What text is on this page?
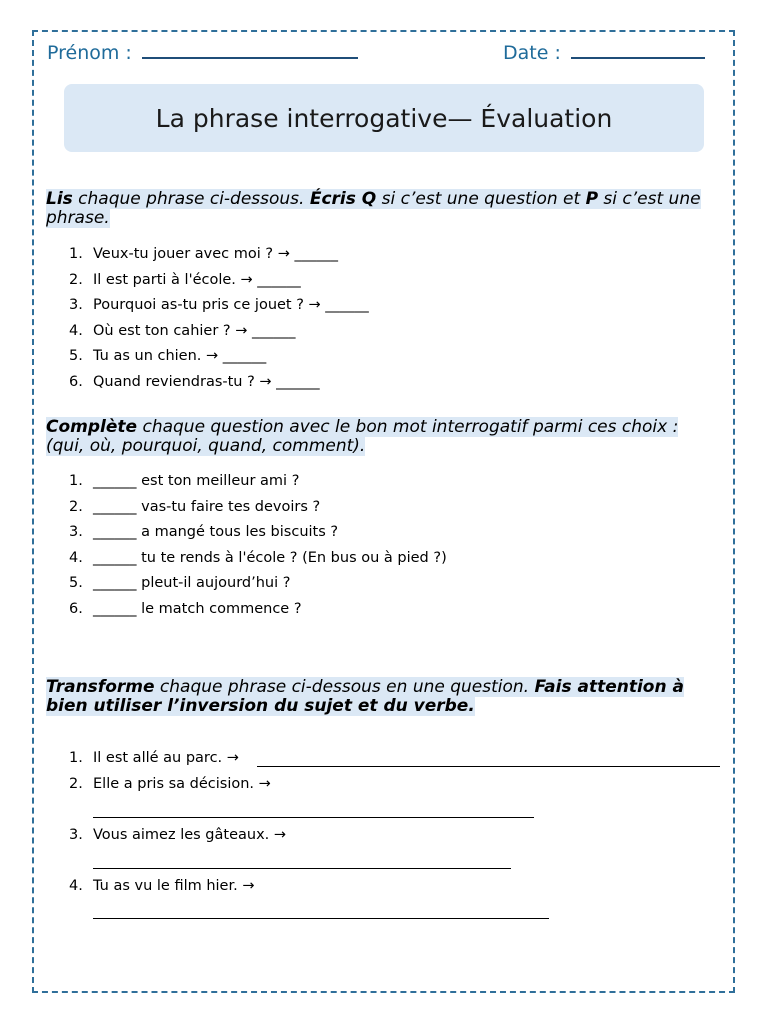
Prénom :	Date :
La phrase interrogative— Évaluation
Lis chaque phrase ci-dessous. Écris Q si c’est une question et P si c’est une phrase.
1. Veux-tu jouer avec moi ? → ______
2. Il est parti à l'école. → ______
3. Pourquoi as-tu pris ce jouet ? → ______
4. Où est ton cahier ? → ______
5. Tu as un chien. → ______
6. Quand reviendras-tu ? → ______
Complète chaque question avec le bon mot interrogatif parmi ces choix : (qui, où, pourquoi, quand, comment).
1. ______ est ton meilleur ami ?
2. ______ vas-tu faire tes devoirs ?
3. ______ a mangé tous les biscuits ?
4. ______ tu te rends à l'école ? (En bus ou à pied ?)
5. ______ pleut-il aujourd’hui ?
6. ______ le match commence ?
Transforme chaque phrase ci-dessous en une question. Fais attention à bien utiliser l’inversion du sujet et du verbe.
1. Il est allé au parc. →
2. Elle a pris sa décision. →
3. Vous aimez les gâteaux. →
4. Tu as vu le film hier. →
